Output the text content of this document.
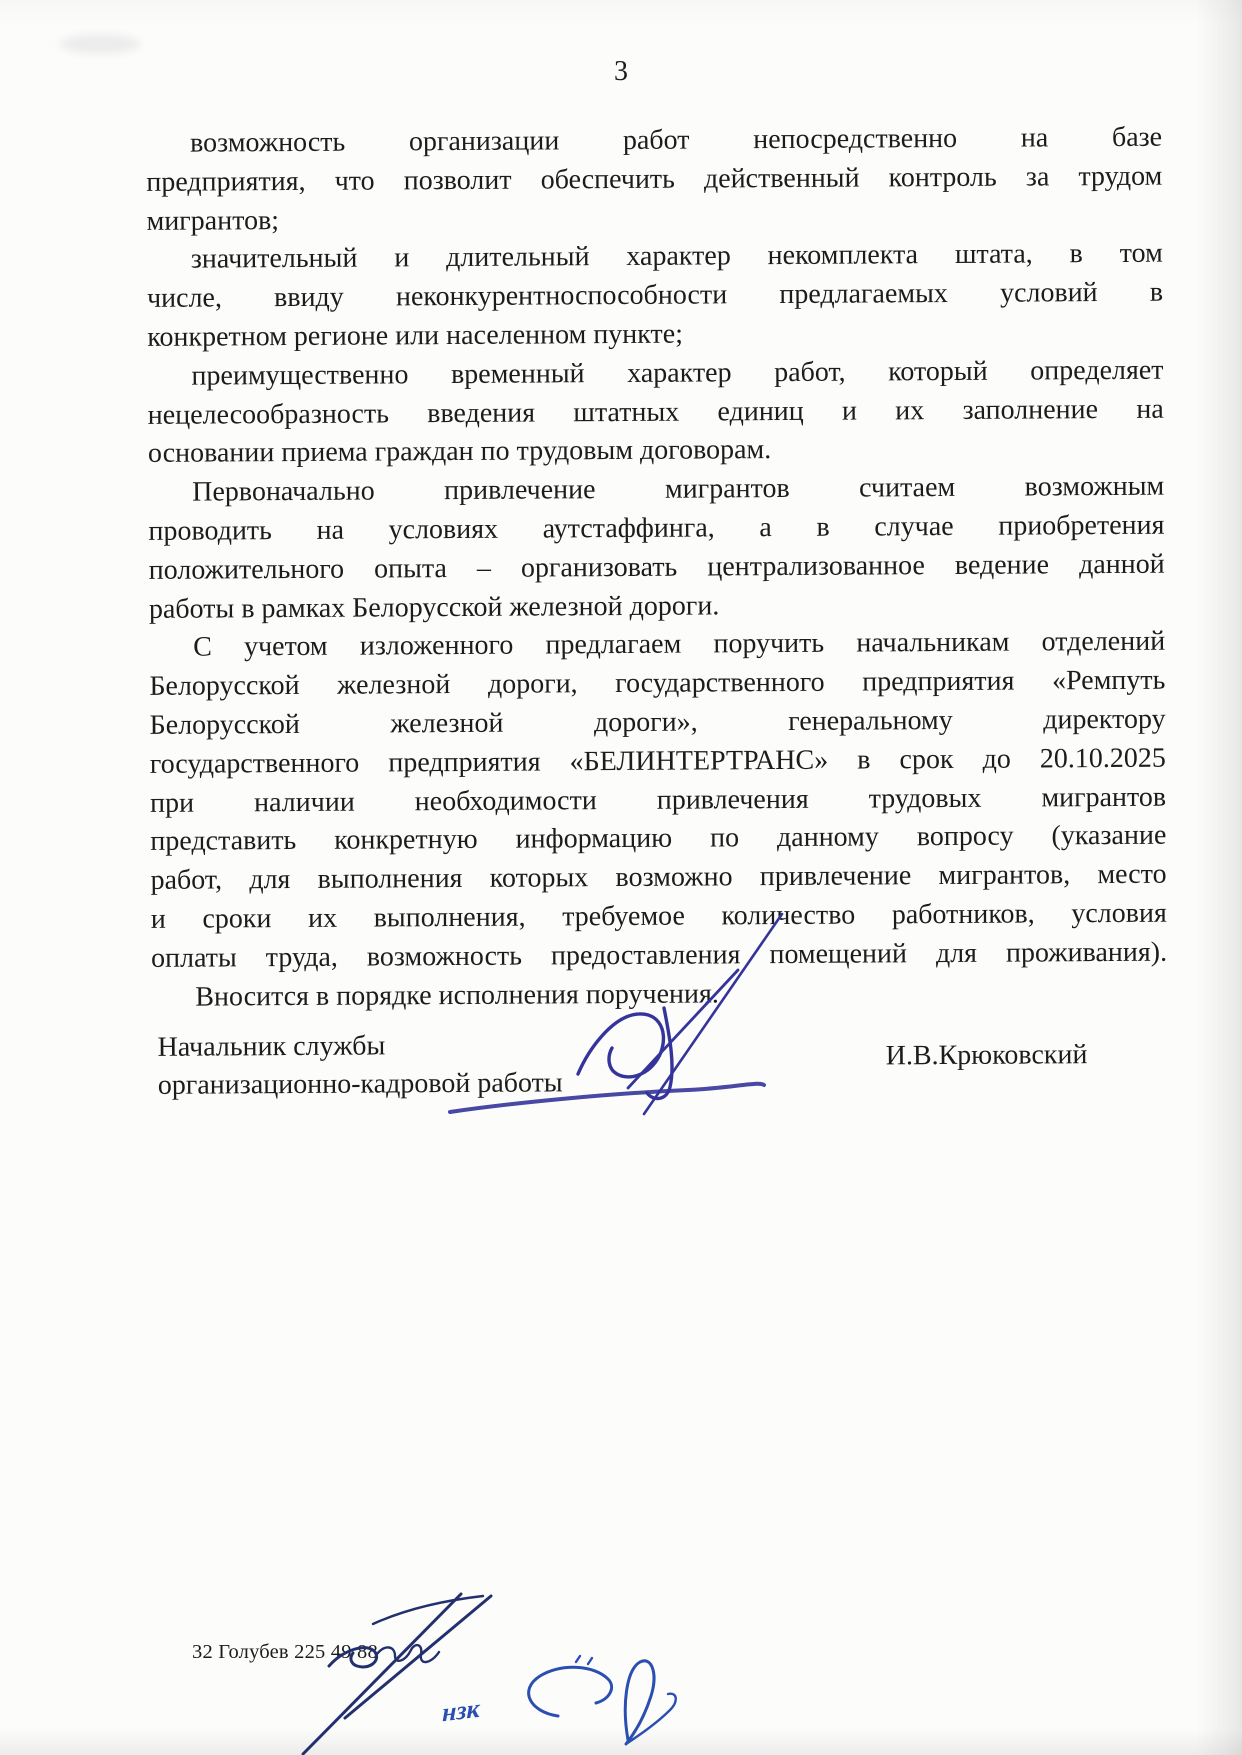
3
возможность организации работ непосредственно на базе
предприятия, что позволит обеспечить действенный контроль за трудом
мигрантов;
значительный и длительный характер некомплекта штата, в том
числе, ввиду неконкурентноспособности предлагаемых условий в
конкретном регионе или населенном пункте;
преимущественно временный характер работ, который определяет
нецелесообразность введения штатных единиц и их заполнение на
основании приема граждан по трудовым договорам.
Первоначально привлечение мигрантов считаем возможным
проводить на условиях аутстаффинга, а в случае приобретения
положительного опыта – организовать централизованное ведение данной
работы в рамках Белорусской железной дороги.
С учетом изложенного предлагаем поручить начальникам отделений
Белорусской железной дороги, государственного предприятия «Ремпуть
Белорусской железной дороги», генеральному директору
государственного предприятия «БЕЛИНТЕРТРАНС» в срок до 20.10.2025
при наличии необходимости привлечения трудовых мигрантов
представить конкретную информацию по данному вопросу (указание
работ, для выполнения которых возможно привлечение мигрантов, место
и сроки их выполнения, требуемое количество работников, условия
оплаты труда, возможность предоставления помещений для проживания).
Вносится в порядке исполнения поручения.
Начальник службы
организационно-кадровой работы
И.В.Крюковский
32 Голубев 225 49 88
нзк
